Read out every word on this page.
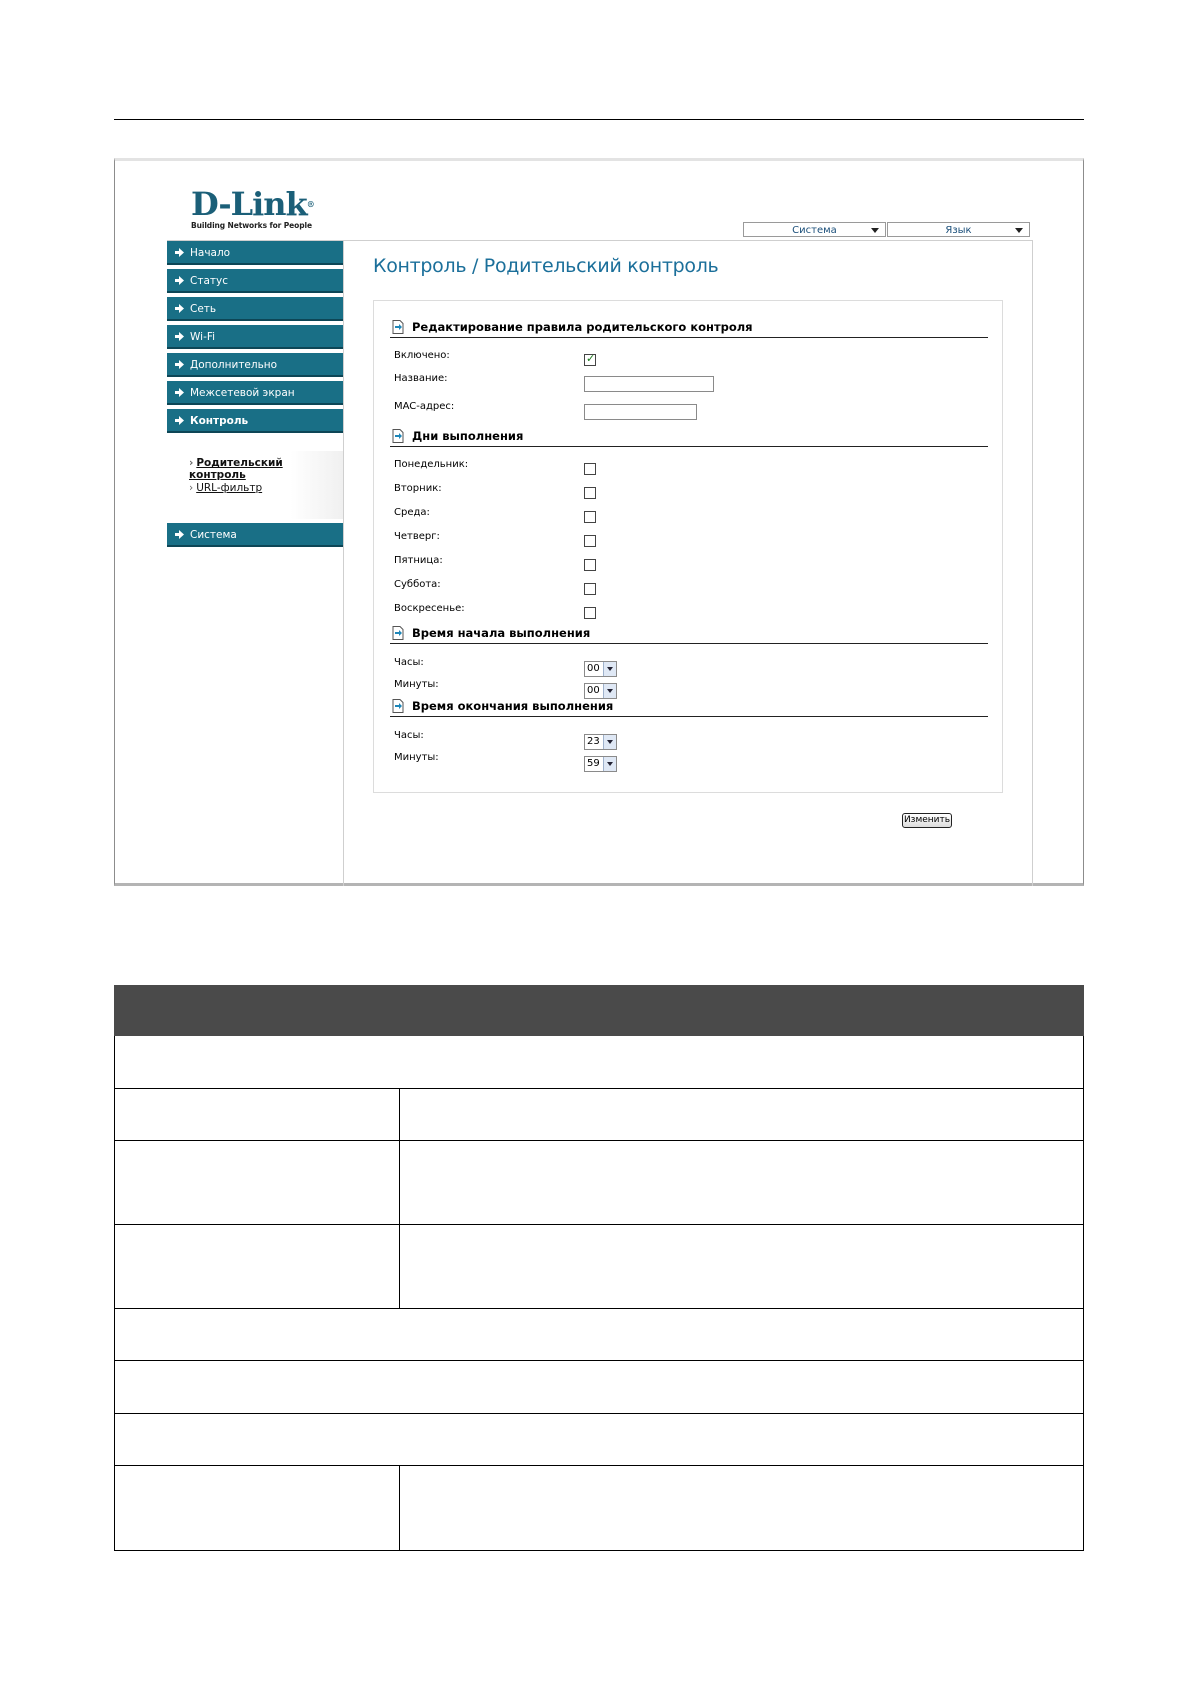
D-Link®
Building Networks for People	Система	Язык
Начало
Статус
Сеть
Wi-Fi
Дополнительно
Межсетевой экран
Контроль
› Родительский контроль
› URL-фильтр
Система
Контроль / Родительский контроль
Редактирование правила родительского контроля
Включено:
✓
Название:
MAC-адрес:
Дни выполнения
Понедельник:
Вторник:
Среда:
Четверг:
Пятница:
Суббота:
Воскресенье:
Время начала выполнения
Часы:
00
Минуты:
00
Время окончания выполнения
Часы:
23
Минуты:
59
Изменить
